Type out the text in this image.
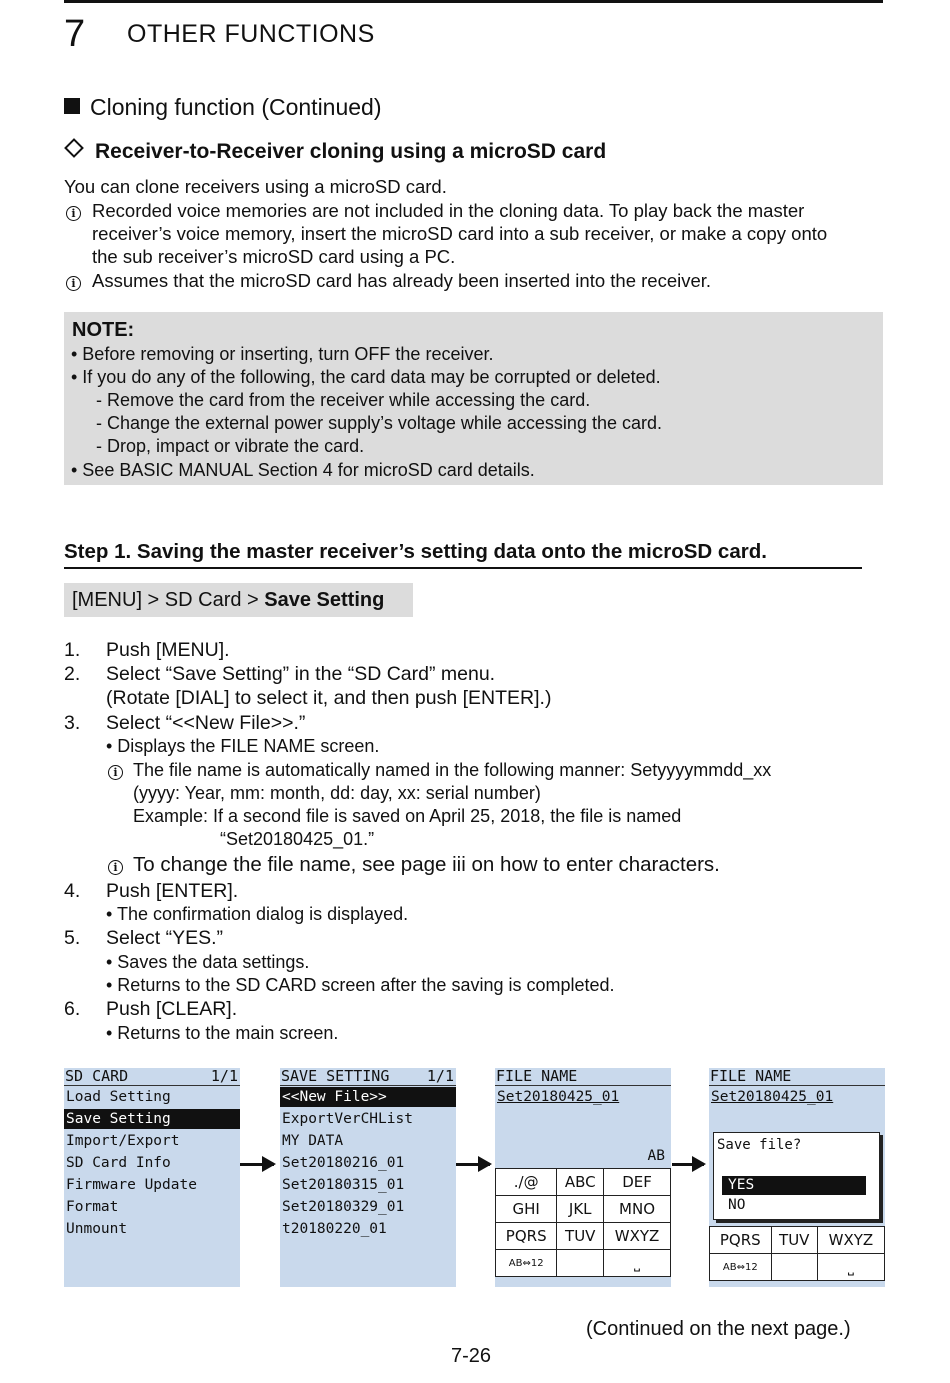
7 OTHER FUNCTIONS
Cloning function (Continued)
Receiver-to-Receiver cloning using a microSD card
You can clone receivers using a microSD card.
i Recorded voice memories are not included in the cloning data. To play back the master
receiver’s voice memory, insert the microSD card into a sub receiver, or make a copy onto
the sub receiver’s microSD card using a PC.
i Assumes that the microSD card has already been inserted into the receiver.
NOTE:
• Before removing or inserting, turn OFF the receiver.
• If you do any of the following, the card data may be corrupted or deleted.
- Remove the card from the receiver while accessing the card.
- Change the external power supply’s voltage while accessing the card.
- Drop, impact or vibrate the card.
• See BASIC MANUAL Section 4 for microSD card details.
Step 1. Saving the master receiver’s setting data onto the microSD card.
[MENU] > SD Card > Save Setting
1. Push [MENU].
2. Select “Save Setting” in the “SD Card” menu.
(Rotate [DIAL] to select it, and then push [ENTER].)
3. Select “<<New File>>.”
• Displays the FILE NAME screen.
i The file name is automatically named in the following manner: Setyyyymmdd_xx
(yyyy: Year, mm: month, dd: day, xx: serial number)
Example: If a second file is saved on April 25, 2018, the file is named
“Set20180425_01.”
i To change the file name, see page iii on how to enter characters.
4. Push [ENTER].
• The confirmation dialog is displayed.
5. Select “YES.”
• Saves the data settings.
• Returns to the SD CARD screen after the saving is completed.
6. Push [CLEAR].
• Returns to the main screen.
SD CARD	1/1
Load Setting
Save Setting
Import/Export
SD Card Info
Firmware Update
Format
Unmount
SAVE SETTING	1/1
<<New File>>
ExportVerCHList
MY DATA
Set20180216_01
Set20180315_01
Set20180329_01
t20180220_01
FILE NAME
Set20180425_01
AB
./@	ABC	DEF
GHI	JKL	MNO
PQRS	TUV	WXYZ
AB⇔12		⎵
FILE NAME
Set20180425_01
PQRS	TUV	WXYZ
AB⇔12		⎵
Save file?
YES
NO
(Continued on the next page.)
7-26
